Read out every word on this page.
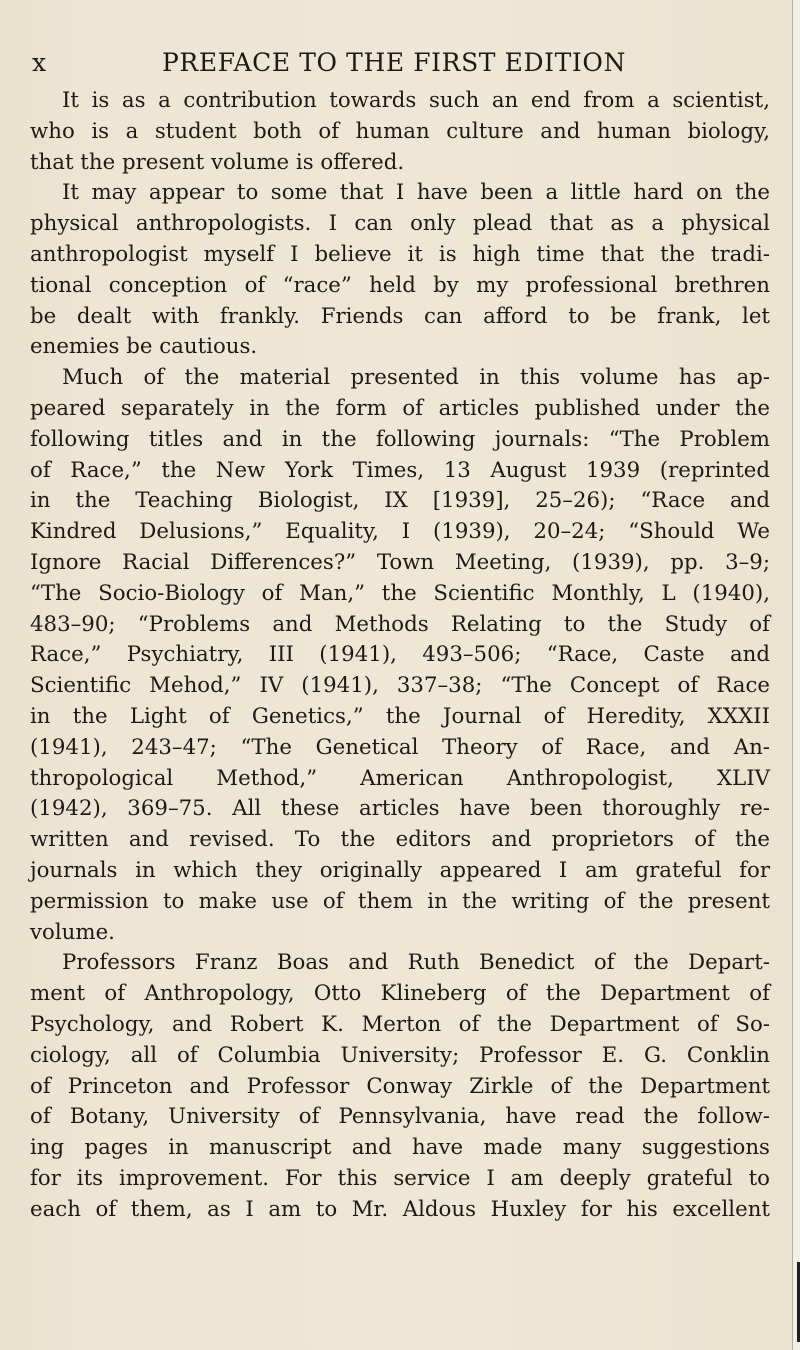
x	PREFACE TO THE FIRST EDITION
It is as a contribution towards such an end from a scientist,
who is a student both of human culture and human biology,
that the present volume is offered.
It may appear to some that I have been a little hard on the
physical anthropologists. I can only plead that as a physical
anthropologist myself I believe it is high time that the tradi-
tional conception of “race” held by my professional brethren
be dealt with frankly. Friends can afford to be frank, let
enemies be cautious.
Much of the material presented in this volume has ap-
peared separately in the form of articles published under the
following titles and in the following journals: “The Problem
of Race,” the New York Times, 13 August 1939 (reprinted
in the Teaching Biologist, IX [1939], 25–26); “Race and
Kindred Delusions,” Equality, I (1939), 20–24; “Should We
Ignore Racial Differences?” Town Meeting, (1939), pp. 3–9;
“The Socio-Biology of Man,” the Scientific Monthly, L (1940),
483–90; “Problems and Methods Relating to the Study of
Race,” Psychiatry, III (1941), 493–506; “Race, Caste and
Scientific Mehod,” IV (1941), 337–38; “The Concept of Race
in the Light of Genetics,” the Journal of Heredity, XXXII
(1941), 243–47; “The Genetical Theory of Race, and An-
thropological Method,” American Anthropologist, XLIV
(1942), 369–75. All these articles have been thoroughly re-
written and revised. To the editors and proprietors of the
journals in which they originally appeared I am grateful for
permission to make use of them in the writing of the present
volume.
Professors Franz Boas and Ruth Benedict of the Depart-
ment of Anthropology, Otto Klineberg of the Department of
Psychology, and Robert K. Merton of the Department of So-
ciology, all of Columbia University; Professor E. G. Conklin
of Princeton and Professor Conway Zirkle of the Department
of Botany, University of Pennsylvania, have read the follow-
ing pages in manuscript and have made many suggestions
for its improvement. For this service I am deeply grateful to
each of them, as I am to Mr. Aldous Huxley for his excellent
